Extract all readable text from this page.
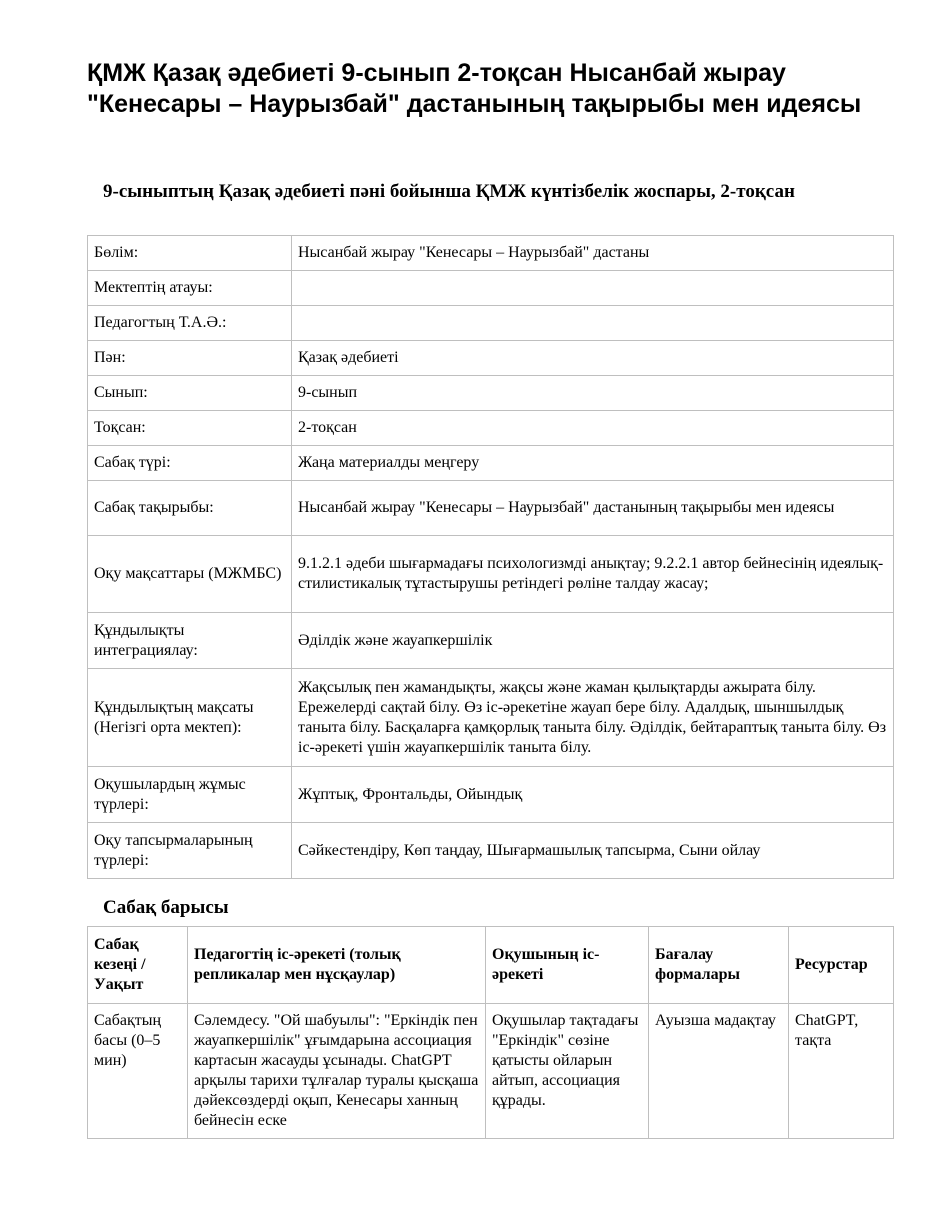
ҚМЖ Қазақ әдебиеті 9-сынып 2-тоқсан Нысанбай жырау "Кенесары – Наурызбай" дастанының тақырыбы мен идеясы
9-сыныптың Қазақ әдебиеті пәні бойынша ҚМЖ күнтізбелік жоспары, 2-тоқсан
Бөлім:	Нысанбай жырау "Кенесары – Наурызбай" дастаны
Мектептің атауы:	
Педагогтың Т.А.Ә.:	
Пән:	Қазақ әдебиеті
Сынып:	9-сынып
Тоқсан:	2-тоқсан
Сабақ түрі:	Жаңа материалды меңгеру
Сабақ тақырыбы:	Нысанбай жырау "Кенесары – Наурызбай" дастанының тақырыбы мен идеясы
Оқу мақсаттары (МЖМБС)	9.1.2.1 әдеби шығармадағы психологизмді анықтау; 9.2.2.1 автор бейнесінің идеялық-стилистикалық тұтастырушы ретіндегі рөліне талдау жасау;
Құндылықты интеграциялау:	Әділдік және жауапкершілік
Құндылықтың мақсаты (Негізгі орта мектеп):	Жақсылық пен жамандықты, жақсы және жаман қылықтарды ажырата білу. Ережелерді сақтай білу. Өз іс-әрекетіне жауап бере білу. Адалдық, шыншылдық таныта білу. Басқаларға қамқорлық таныта білу. Әділдік, бейтараптық таныта білу. Өз іс-әрекеті үшін жауапкершілік таныта білу.
Оқушылардың жұмыс түрлері:	Жұптық, Фронтальды, Ойындық
Оқу тапсырмаларының түрлері:	Сәйкестендіру, Көп таңдау, Шығармашылық тапсырма, Сыни ойлау
Сабақ барысы
Сабақ кезеңі / Уақыт	Педагогтің іс-әрекеті (толық репликалар мен нұсқаулар)	Оқушының іс-әрекеті	Бағалау формалары	Ресурстар
Сабақтың басы (0–5 мин)	Сәлемдесу. "Ой шабуылы": "Еркіндік пен жауапкершілік" ұғымдарына ассоциация картасын жасауды ұсынады. ChatGPT арқылы тарихи тұлғалар туралы қысқаша дәйексөздерді оқып, Кенесары ханның бейнесін еске	Оқушылар тақтадағы "Еркіндік" сөзіне қатысты ойларын айтып, ассоциация құрады.	Ауызша мадақтау	ChatGPT, тақта
